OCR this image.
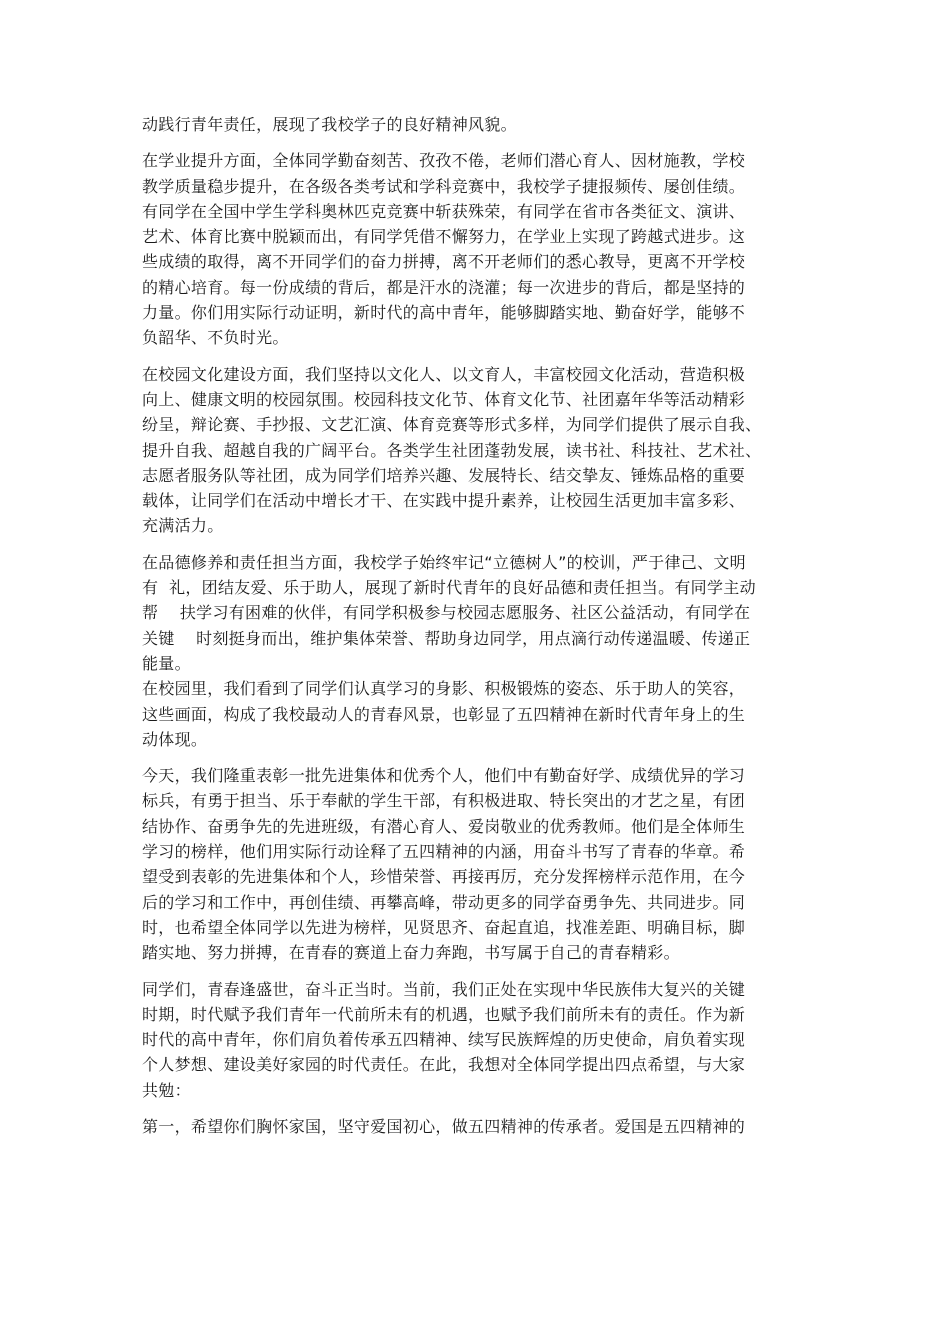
动践行青年责任，展现了我校学子的良好精神风貌。

在学业提升方面，全体同学勤奋刻苦、孜孜不倦，老师们潜心育人、因材施教，学校
教学质量稳步提升，在各级各类考试和学科竞赛中，我校学子捷报频传、屡创佳绩。
有同学在全国中学生学科奥林匹克竞赛中斩获殊荣，有同学在省市各类征文、演讲、
艺术、体育比赛中脱颖而出，有同学凭借不懈努力，在学业上实现了跨越式进步。这
些成绩的取得，离不开同学们的奋力拼搏，离不开老师们的悉心教导，更离不开学校
的精心培育。每一份成绩的背后，都是汗水的浇灌；每一次进步的背后，都是坚持的
力量。你们用实际行动证明，新时代的高中青年，能够脚踏实地、勤奋好学，能够不
负韶华、不负时光。

在校园文化建设方面，我们坚持以文化人、以文育人，丰富校园文化活动，营造积极
向上、健康文明的校园氛围。校园科技文化节、体育文化节、社团嘉年华等活动精彩
纷呈，辩论赛、手抄报、文艺汇演、体育竞赛等形式多样，为同学们提供了展示自我、
提升自我、超越自我的广阔平台。各类学生社团蓬勃发展，读书社、科技社、艺术社、
志愿者服务队等社团，成为同学们培养兴趣、发展特长、结交挚友、锤炼品格的重要
载体，让同学们在活动中增长才干、在实践中提升素养，让校园生活更加丰富多彩、
充满活力。

在品德修养和责任担当方面，我校学子始终牢记“立德树人”的校训，严于律己、文明
有  礼，团结友爱、乐于助人，展现了新时代青年的良好品德和责任担当。有同学主动
帮    扶学习有困难的伙伴，有同学积极参与校园志愿服务、社区公益活动，有同学在
关键    时刻挺身而出，维护集体荣誉、帮助身边同学，用点滴行动传递温暖、传递正
能量。

在校园里，我们看到了同学们认真学习的身影、积极锻炼的姿态、乐于助人的笑容，
这些画面，构成了我校最动人的青春风景，也彰显了五四精神在新时代青年身上的生
动体现。

今天，我们隆重表彰一批先进集体和优秀个人，他们中有勤奋好学、成绩优异的学习
标兵，有勇于担当、乐于奉献的学生干部，有积极进取、特长突出的才艺之星，有团
结协作、奋勇争先的先进班级，有潜心育人、爱岗敬业的优秀教师。他们是全体师生
学习的榜样，他们用实际行动诠释了五四精神的内涵，用奋斗书写了青春的华章。希
望受到表彰的先进集体和个人，珍惜荣誉、再接再厉，充分发挥榜样示范作用，在今
后的学习和工作中，再创佳绩、再攀高峰，带动更多的同学奋勇争先、共同进步。同
时，也希望全体同学以先进为榜样，见贤思齐、奋起直追，找准差距、明确目标，脚
踏实地、努力拼搏，在青春的赛道上奋力奔跑，书写属于自己的青春精彩。

同学们，青春逢盛世，奋斗正当时。当前，我们正处在实现中华民族伟大复兴的关键
时期，时代赋予我们青年一代前所未有的机遇，也赋予我们前所未有的责任。作为新
时代的高中青年，你们肩负着传承五四精神、续写民族辉煌的历史使命，肩负着实现
个人梦想、建设美好家园的时代责任。在此，我想对全体同学提出四点希望，与大家
共勉：

第一，希望你们胸怀家国，坚守爱国初心，做五四精神的传承者。爱国是五四精神的
